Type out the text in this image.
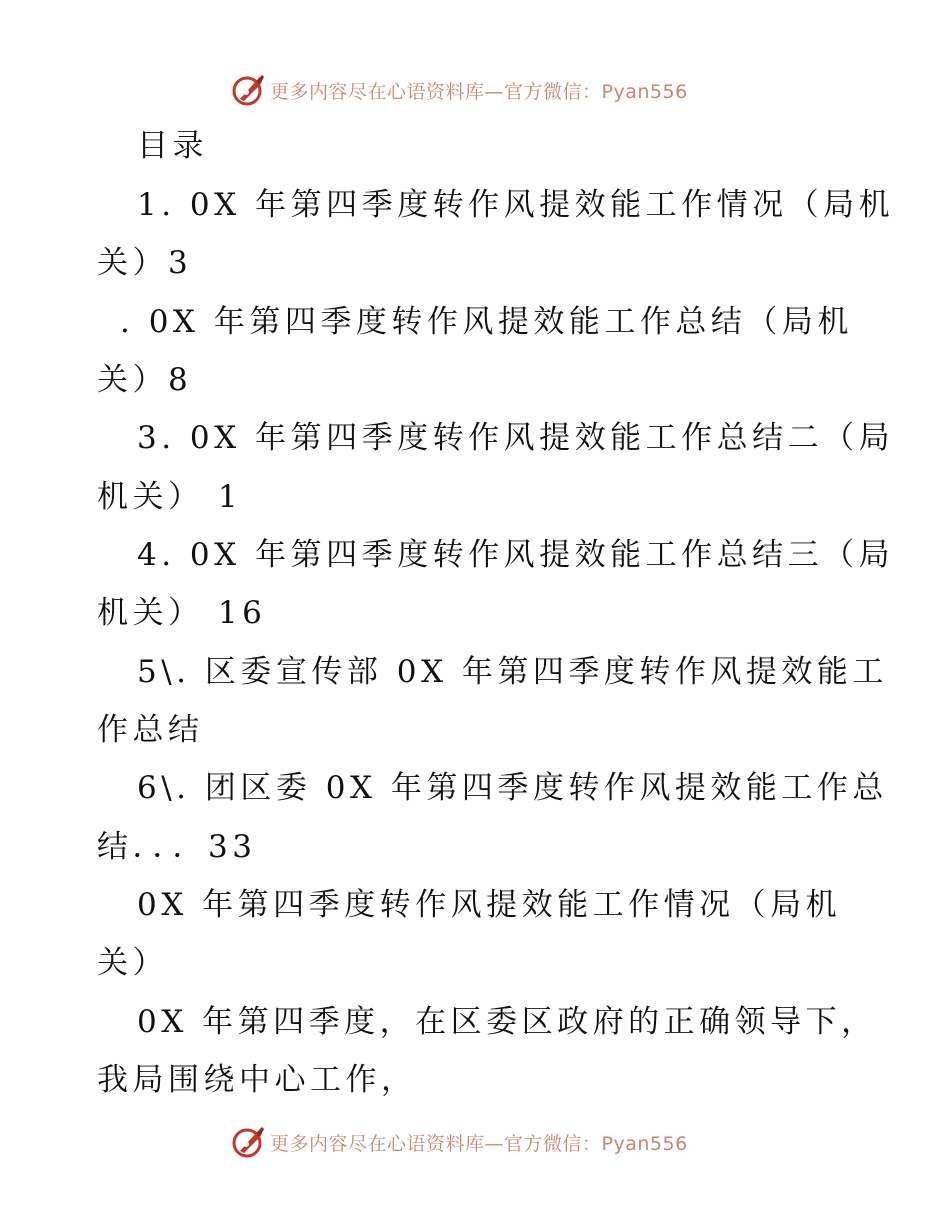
更多内容尽在心语资料库—官方微信：Pyan556
目录
1. 0X 年第四季度转作风提效能工作情况（局机
关）3
. 0X 年第四季度转作风提效能工作总结（局机
关）8
3. 0X 年第四季度转作风提效能工作总结二（局
机关） 1
4. 0X 年第四季度转作风提效能工作总结三（局
机关） 16
5\. 区委宣传部 0X 年第四季度转作风提效能工
作总结
6\. 团区委 0X 年第四季度转作风提效能工作总
结．．．33
0X 年第四季度转作风提效能工作情况（局机
关）
0X 年第四季度，在区委区政府的正确领导下，
我局围绕中心工作，
更多内容尽在心语资料库—官方微信：Pyan556
